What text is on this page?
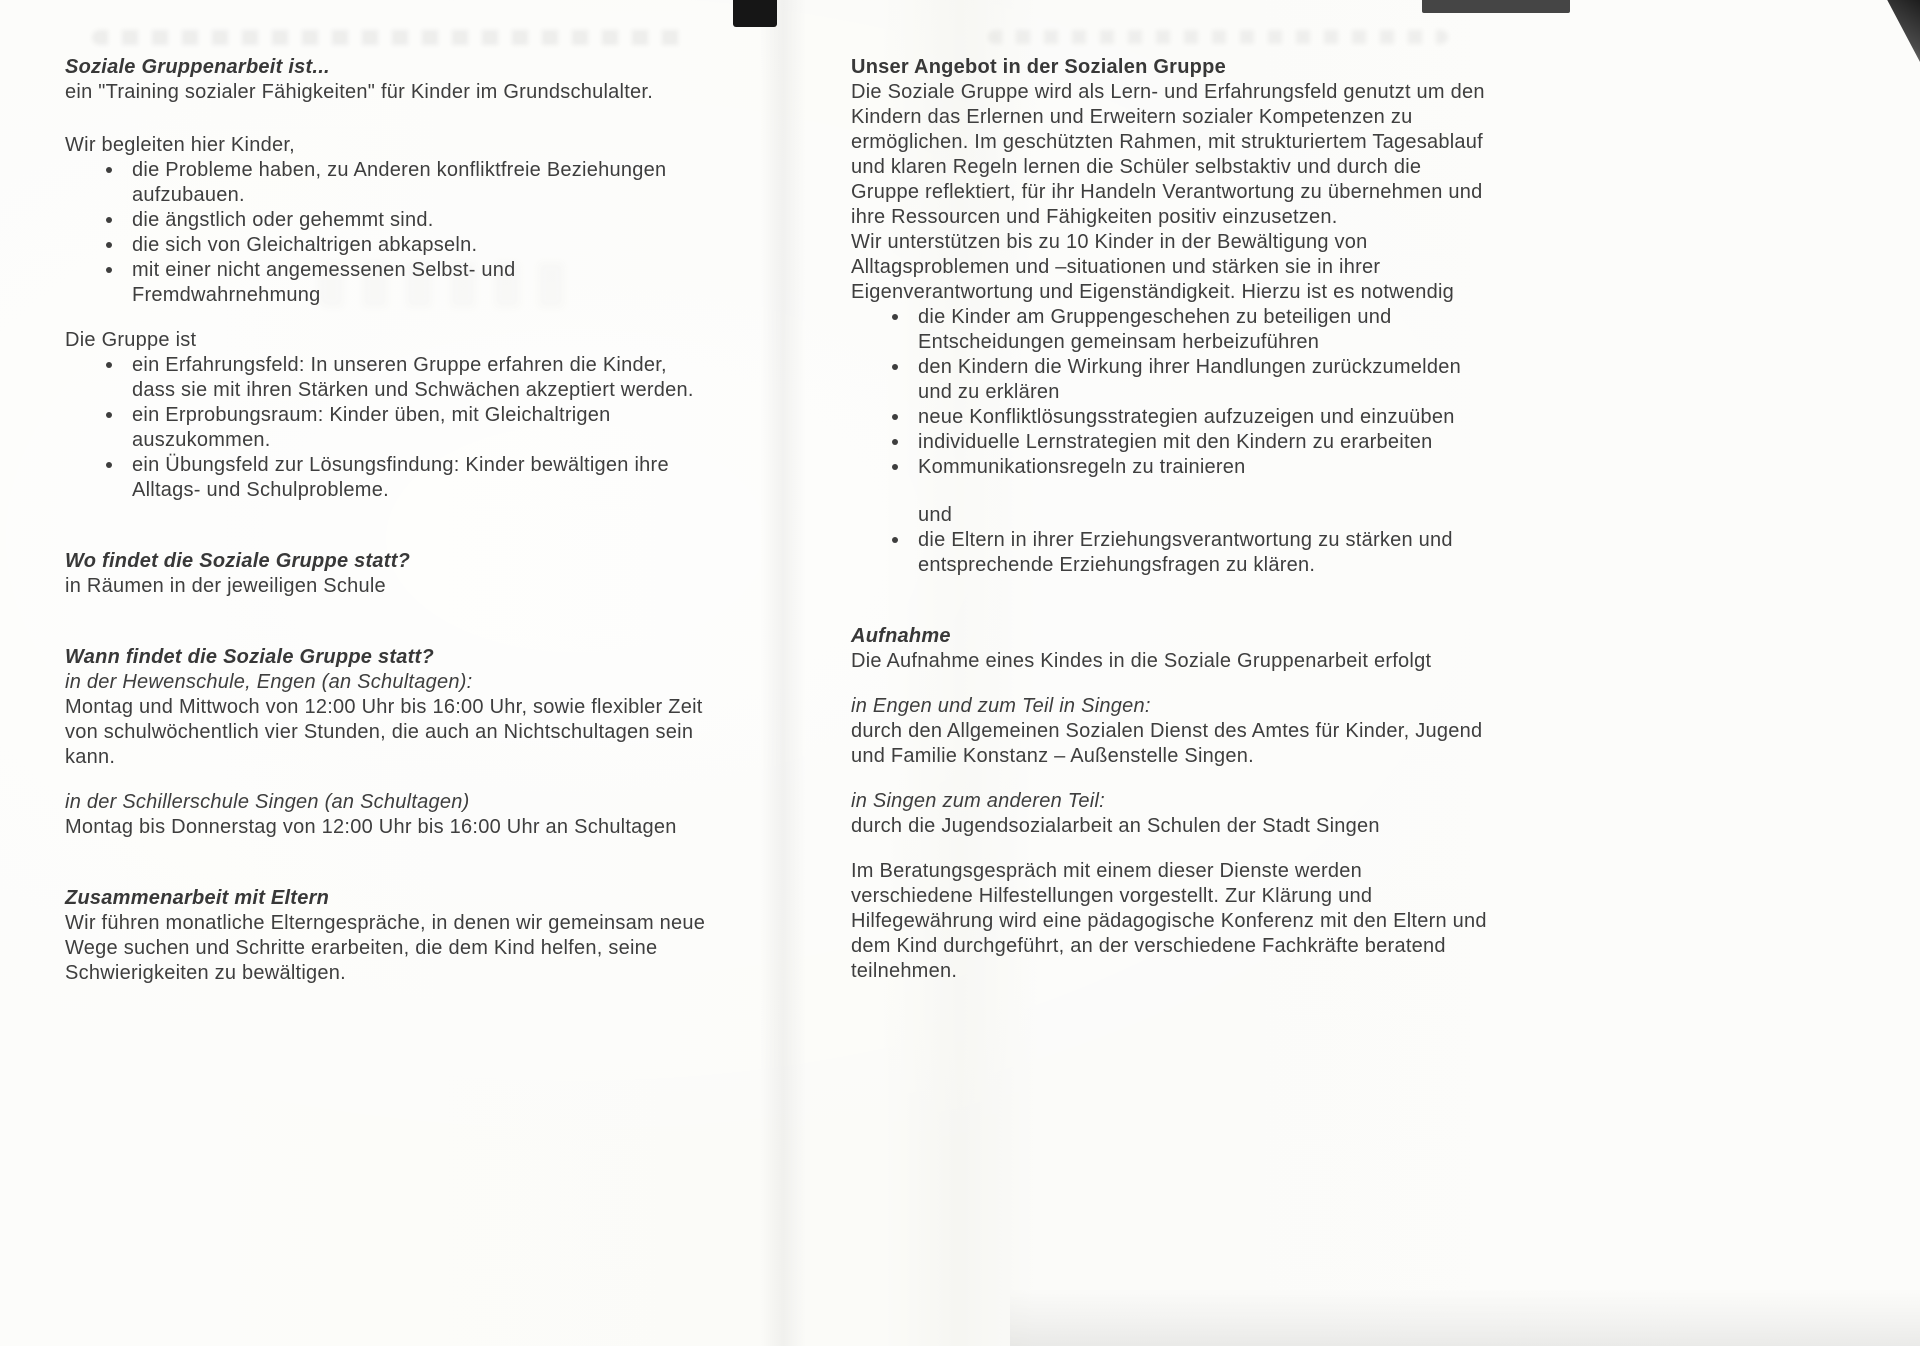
Soziale Gruppenarbeit ist...

ein "Training sozialer Fähigkeiten" für Kinder im Grundschulalter.

Wir begleiten hier Kinder,

die Probleme haben, zu Anderen konfliktfreie Beziehungen aufzubauen.
die ängstlich oder gehemmt sind.
die sich von Gleichaltrigen abkapseln.
mit einer nicht angemessenen Selbst- und Fremdwahrnehmung

Die Gruppe ist

ein Erfahrungsfeld: In unseren Gruppe erfahren die Kinder, dass sie mit ihren Stärken und Schwächen akzeptiert werden.
ein Erprobungsraum: Kinder üben, mit Gleichaltrigen auszukommen.
ein Übungsfeld zur Lösungsfindung: Kinder bewältigen ihre Alltags- und Schulprobleme.
Wo findet die Soziale Gruppe statt?

in Räumen in der jeweiligen Schule

Wann findet die Soziale Gruppe statt?

in der Hewenschule, Engen (an Schultagen):

Montag und Mittwoch von 12:00 Uhr bis 16:00 Uhr, sowie flexibler Zeit von schulwöchentlich vier Stunden, die auch an Nichtschultagen sein kann.

in der Schillerschule Singen (an Schultagen)

Montag bis Donnerstag von 12:00 Uhr bis 16:00 Uhr an Schultagen

Zusammenarbeit mit Eltern

Wir führen monatliche Elterngespräche, in denen wir gemeinsam neue Wege suchen und Schritte erarbeiten, die dem Kind helfen, seine Schwierigkeiten zu bewältigen.

Unser Angebot in der Sozialen Gruppe

Die Soziale Gruppe wird als Lern- und Erfahrungsfeld genutzt um den Kindern das Erlernen und Erweitern sozialer Kompetenzen zu ermöglichen. Im geschützten Rahmen, mit strukturiertem Tagesablauf und klaren Regeln lernen die Schüler selbstaktiv und durch die Gruppe reflektiert, für ihr Handeln Verantwortung zu übernehmen und ihre Ressourcen und Fähigkeiten positiv einzusetzen.

Wir unterstützen bis zu 10 Kinder in der Bewältigung von Alltagsproblemen und –situationen und stärken sie in ihrer Eigenverantwortung und Eigenständigkeit. Hierzu ist es notwendig

die Kinder am Gruppengeschehen zu beteiligen und Entscheidungen gemeinsam herbeizuführen
den Kindern die Wirkung ihrer Handlungen zurückzumelden und zu erklären
neue Konfliktlösungsstrategien aufzuzeigen und einzuüben
individuelle Lernstrategien mit den Kindern zu erarbeiten
Kommunikationsregeln zu trainieren

und

die Eltern in ihrer Erziehungsverantwortung zu stärken und entsprechende Erziehungsfragen zu klären.
Aufnahme

Die Aufnahme eines Kindes in die Soziale Gruppenarbeit erfolgt

in Engen und zum Teil in Singen:

durch den Allgemeinen Sozialen Dienst des Amtes für Kinder, Jugend und Familie Konstanz – Außenstelle Singen.

in Singen zum anderen Teil:

durch die Jugendsozialarbeit an Schulen der Stadt Singen

Im Beratungsgespräch mit einem dieser Dienste werden verschiedene Hilfestellungen vorgestellt. Zur Klärung und Hilfegewährung wird eine pädagogische Konferenz mit den Eltern und dem Kind durchgeführt, an der verschiedene Fachkräfte beratend teilnehmen.
